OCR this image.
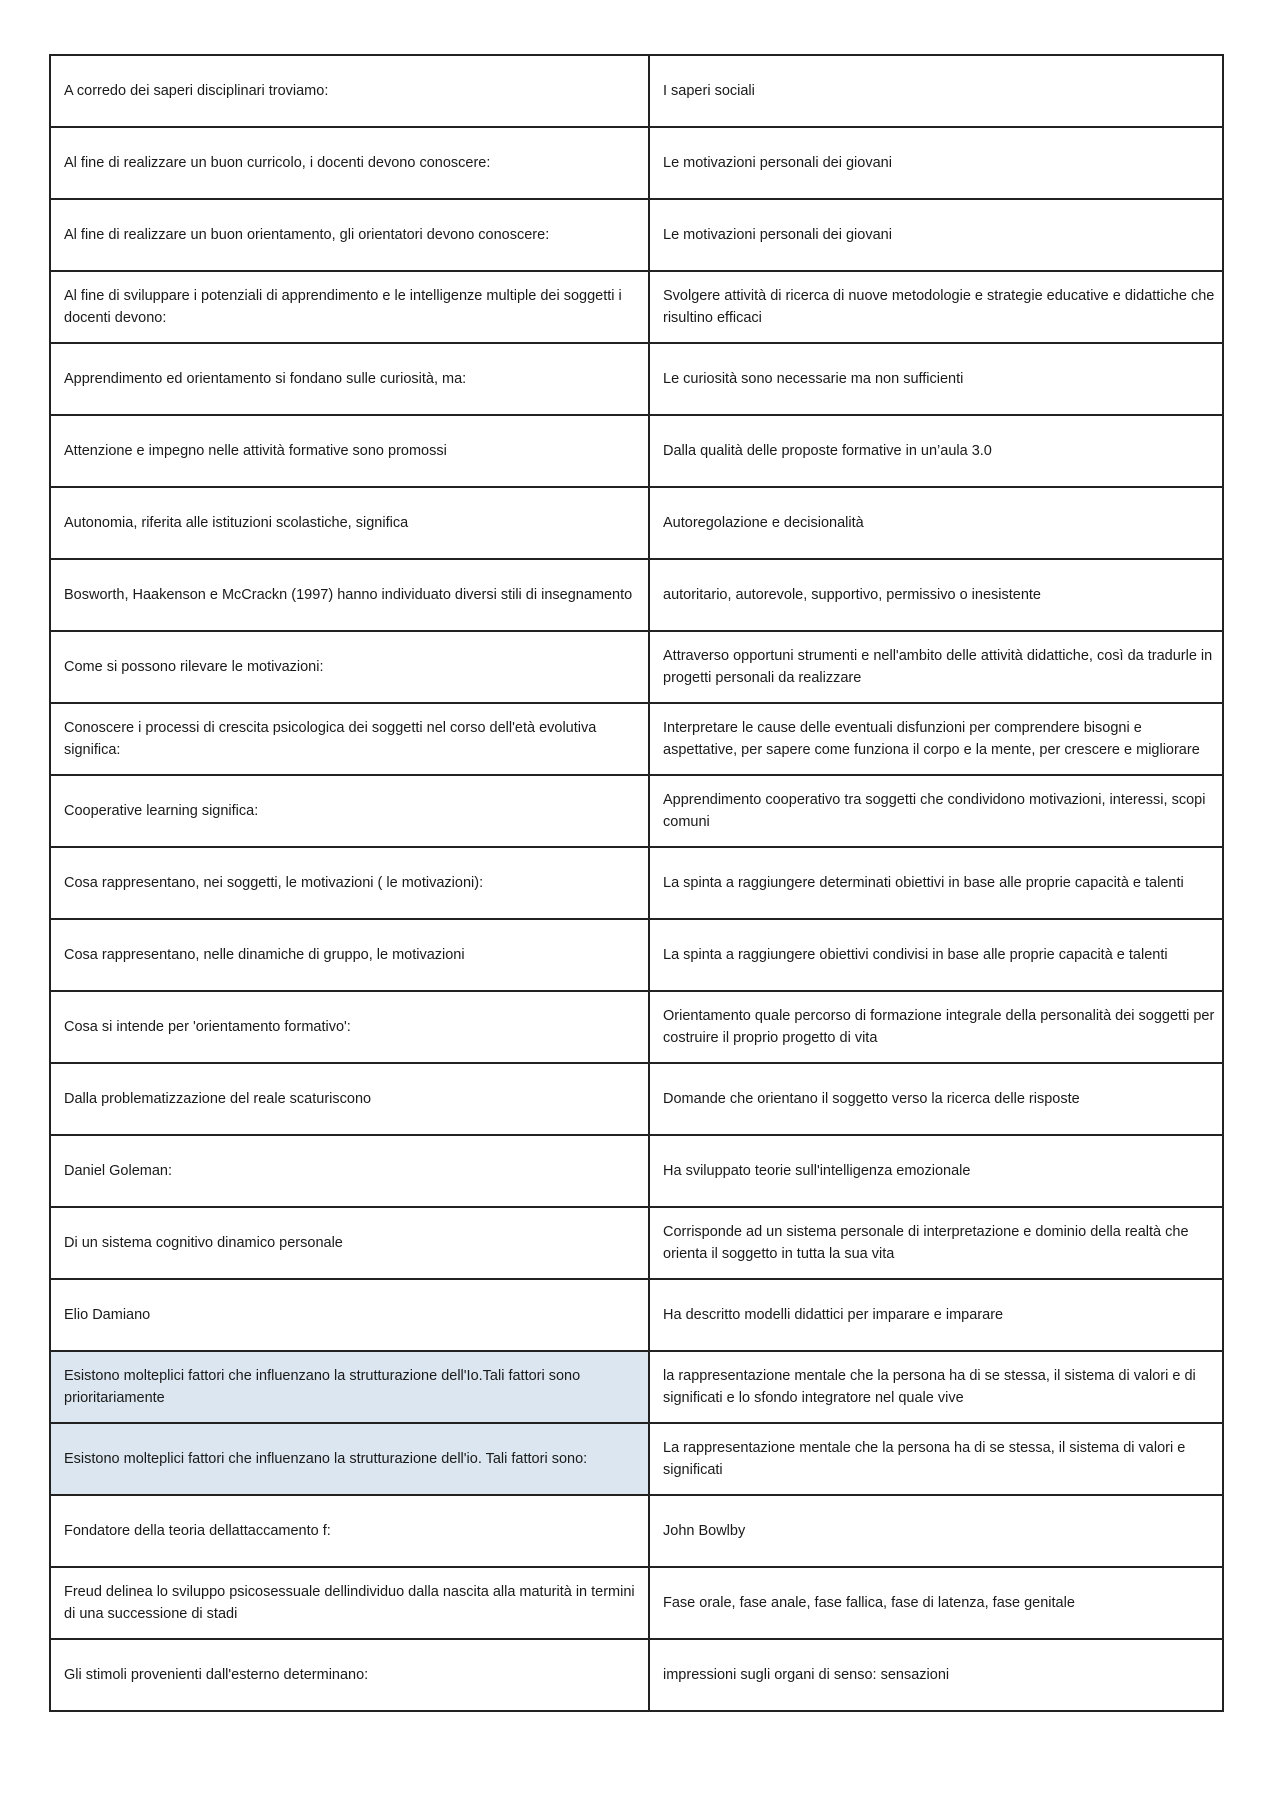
A corredo dei saperi disciplinari troviamo:	I saperi sociali
Al fine di realizzare un buon curricolo, i docenti devono conoscere:	Le motivazioni personali dei giovani
Al fine di realizzare un buon orientamento, gli orientatori devono conoscere:	Le motivazioni personali dei giovani
Al fine di sviluppare i potenziali di apprendimento e le intelligenze multiple dei soggetti i docenti devono:	Svolgere attività di ricerca di nuove metodologie e strategie educative e didattiche che risultino efficaci
Apprendimento ed orientamento si fondano sulle curiosità, ma:	Le curiosità sono necessarie ma non sufficienti
Attenzione e impegno nelle attività formative sono promossi	Dalla qualità delle proposte formative in un’aula 3.0
Autonomia, riferita alle istituzioni scolastiche, significa	Autoregolazione e decisionalità
Bosworth, Haakenson e McCrackn (1997) hanno individuato diversi stili di insegnamento	autoritario, autorevole, supportivo, permissivo o inesistente
Come si possono rilevare le motivazioni:	Attraverso opportuni strumenti e nell'ambito delle attività didattiche, così da tradurle in progetti personali da realizzare
Conoscere i processi di crescita psicologica dei soggetti nel corso dell'età evolutiva significa:	Interpretare le cause delle eventuali disfunzioni per comprendere bisogni e aspettative, per sapere come funziona il corpo e la mente, per crescere e migliorare
Cooperative learning significa:	Apprendimento cooperativo tra soggetti che condividono motivazioni, interessi, scopi comuni
Cosa rappresentano, nei soggetti, le motivazioni ( le motivazioni):	La spinta a raggiungere determinati obiettivi in base alle proprie capacità e talenti
Cosa rappresentano, nelle dinamiche di gruppo, le motivazioni	La spinta a raggiungere obiettivi condivisi in base alle proprie capacità e talenti
Cosa si intende per 'orientamento formativo':	Orientamento quale percorso di formazione integrale della personalità dei soggetti per costruire il proprio progetto di vita
Dalla problematizzazione del reale scaturiscono	Domande che orientano il soggetto verso la ricerca delle risposte
Daniel Goleman:	Ha sviluppato teorie sull'intelligenza emozionale
Di un sistema cognitivo dinamico personale	Corrisponde ad un sistema personale di interpretazione e dominio della realtà che orienta il soggetto in tutta la sua vita
Elio Damiano	Ha descritto modelli didattici per imparare e imparare
Esistono molteplici fattori che influenzano la strutturazione dell'Io.Tali fattori sono prioritariamente	la rappresentazione mentale che la persona ha di se stessa, il sistema di valori e di significati e lo sfondo integratore nel quale vive
Esistono molteplici fattori che influenzano la strutturazione dell'io. Tali fattori sono:	La rappresentazione mentale che la persona ha di se stessa, il sistema di valori e significati
Fondatore della teoria dellattaccamento f:	John Bowlby
Freud delinea lo sviluppo psicosessuale dellindividuo dalla nascita alla maturità in termini di una successione di stadi	Fase orale, fase anale, fase fallica, fase di latenza, fase genitale
Gli stimoli provenienti dall'esterno determinano:	impressioni sugli organi di senso: sensazioni
